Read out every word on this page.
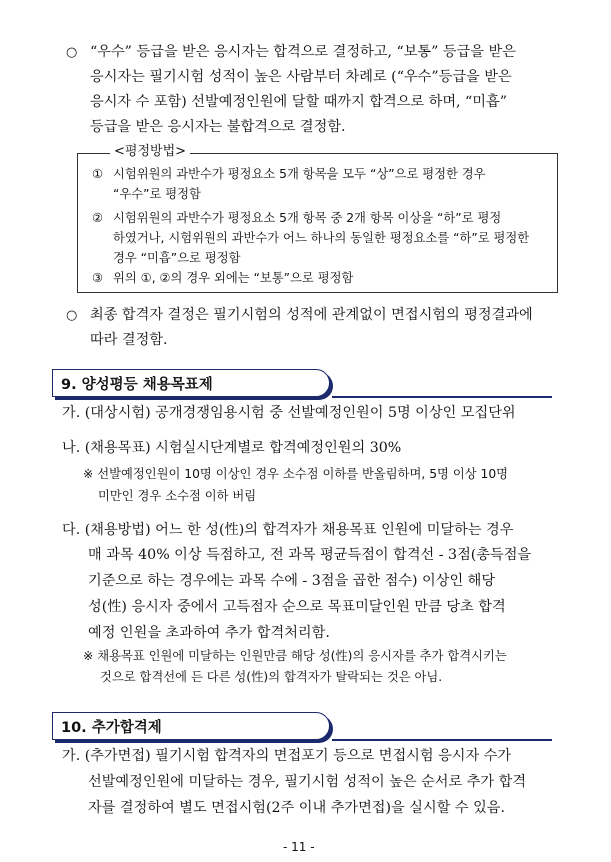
○ “우수” 등급을 받은 응시자는 합격으로 결정하고, “보통” 등급을 받은
응시자는 필기시험 성적이 높은 사람부터 차례로 (“우수”등급을 받은
응시자 수 포함) 선발예정인원에 달할 때까지 합격으로 하며, “미흡”
등급을 받은 응시자는 불합격으로 결정함.
<평정방법>
① 시험위원의 과반수가 평정요소 5개 항목을 모두 “상”으로 평정한 경우
“우수”로 평정함
② 시험위원의 과반수가 평정요소 5개 항목 중 2개 항목 이상을 “하”로 평정
하였거나, 시험위원의 과반수가 어느 하나의 동일한 평정요소를 “하”로 평정한
경우 “미흡”으로 평정함
③ 위의 ①, ②의 경우 외에는 “보통”으로 평정함
○ 최종 합격자 결정은 필기시험의 성적에 관계없이 면접시험의 평정결과에
따라 결정함.
9. 양성평등 채용목표제
가. (대상시험) 공개경쟁임용시험 중 선발예정인원이 5명 이상인 모집단위
나. (채용목표) 시험실시단계별로 합격예정인원의 30%
※ 선발예정인원이 10명 이상인 경우 소수점 이하를 반올림하며, 5명 이상 10명
미만인 경우 소수점 이하 버림
다. (채용방법) 어느 한 성(性)의 합격자가 채용목표 인원에 미달하는 경우
매 과목 40% 이상 득점하고, 전 과목 평균득점이 합격선 - 3점(총득점을
기준으로 하는 경우에는 과목 수에 - 3점을 곱한 점수) 이상인 해당
성(性) 응시자 중에서 고득점자 순으로 목표미달인원 만큼 당초 합격
예정 인원을 초과하여 추가 합격처리함.
※ 채용목표 인원에 미달하는 인원만큼 해당 성(性)의 응시자를 추가 합격시키는
것으로 합격선에 든 다른 성(性)의 합격자가 탈락되는 것은 아님.
10. 추가합격제
가. (추가면접) 필기시험 합격자의 면접포기 등으로 면접시험 응시자 수가
선발예정인원에 미달하는 경우, 필기시험 성적이 높은 순서로 추가 합격
자를 결정하여 별도 면접시험(2주 이내 추가면접)을 실시할 수 있음.
- 11 -
